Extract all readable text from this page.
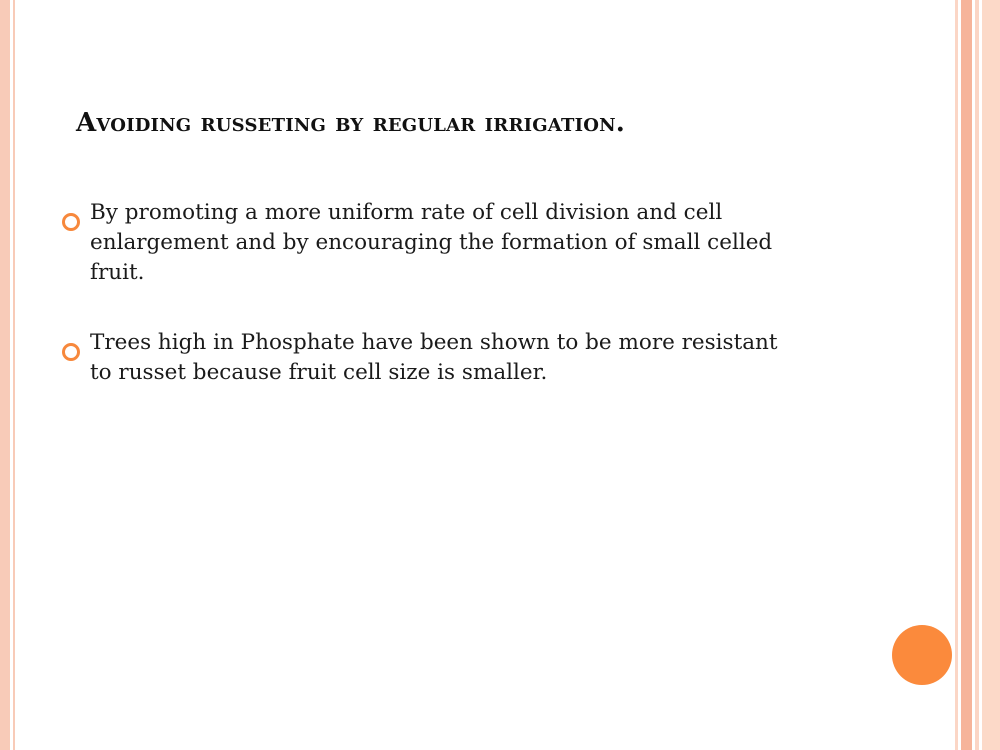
Avoiding russeting by regular irrigation.
By promoting a more uniform rate of cell division and cell enlargement and by encouraging the formation of small celled fruit.
Trees high in Phosphate have been shown to be more resistant to russet because fruit cell size is smaller.
